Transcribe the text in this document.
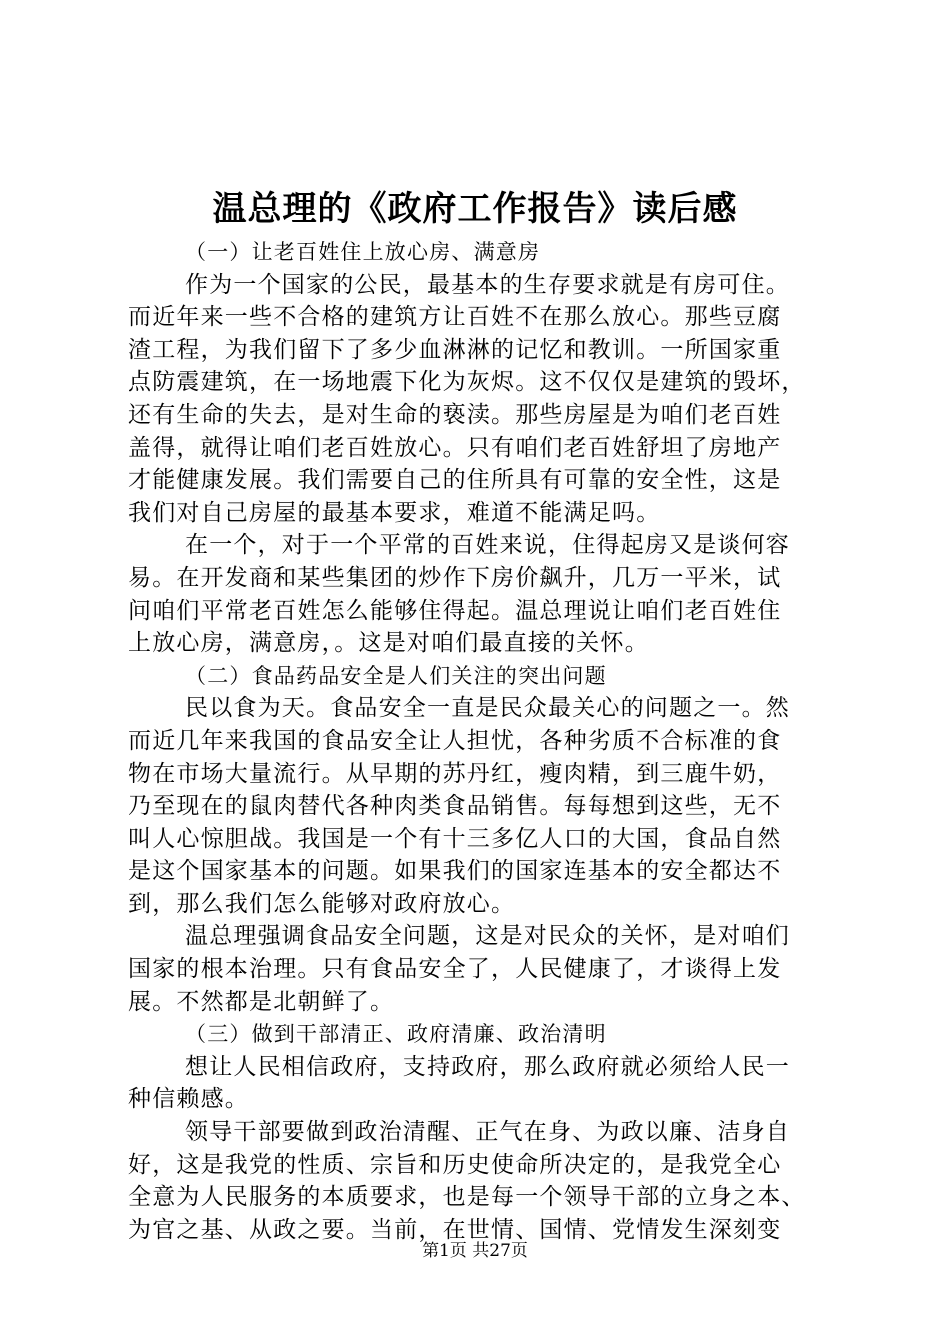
温总理的《政府工作报告》读后感
（一）让老百姓住上放心房、满意房
作为一个国家的公民，最基本的生存要求就是有房可住。
而近年来一些不合格的建筑方让百姓不在那么放心。那些豆腐
渣工程，为我们留下了多少血淋淋的记忆和教训。一所国家重
点防震建筑，在一场地震下化为灰烬。这不仅仅是建筑的毁坏，
还有生命的失去，是对生命的亵渎。那些房屋是为咱们老百姓
盖得，就得让咱们老百姓放心。只有咱们老百姓舒坦了房地产
才能健康发展。我们需要自己的住所具有可靠的安全性，这是
我们对自己房屋的最基本要求，难道不能满足吗。
在一个，对于一个平常的百姓来说，住得起房又是谈何容
易。在开发商和某些集团的炒作下房价飙升，几万一平米，试
问咱们平常老百姓怎么能够住得起。温总理说让咱们老百姓住
上放心房，满意房，。这是对咱们最直接的关怀。
（二）食品药品安全是人们关注的突出问题
民以食为天。食品安全一直是民众最关心的问题之一。然
而近几年来我国的食品安全让人担忧，各种劣质不合标准的食
物在市场大量流行。从早期的苏丹红，瘦肉精，到三鹿牛奶，
乃至现在的鼠肉替代各种肉类食品销售。每每想到这些，无不
叫人心惊胆战。我国是一个有十三多亿人口的大国，食品自然
是这个国家基本的问题。如果我们的国家连基本的安全都达不
到，那么我们怎么能够对政府放心。
温总理强调食品安全问题，这是对民众的关怀，是对咱们
国家的根本治理。只有食品安全了，人民健康了，才谈得上发
展。不然都是北朝鲜了。
（三）做到干部清正、政府清廉、政治清明
想让人民相信政府，支持政府，那么政府就必须给人民一
种信赖感。
领导干部要做到政治清醒、正气在身、为政以廉、洁身自
好，这是我党的性质、宗旨和历史使命所决定的，是我党全心
全意为人民服务的本质要求，也是每一个领导干部的立身之本、
为官之基、从政之要。当前，在世情、国情、党情发生深刻变
第1页 共27页
